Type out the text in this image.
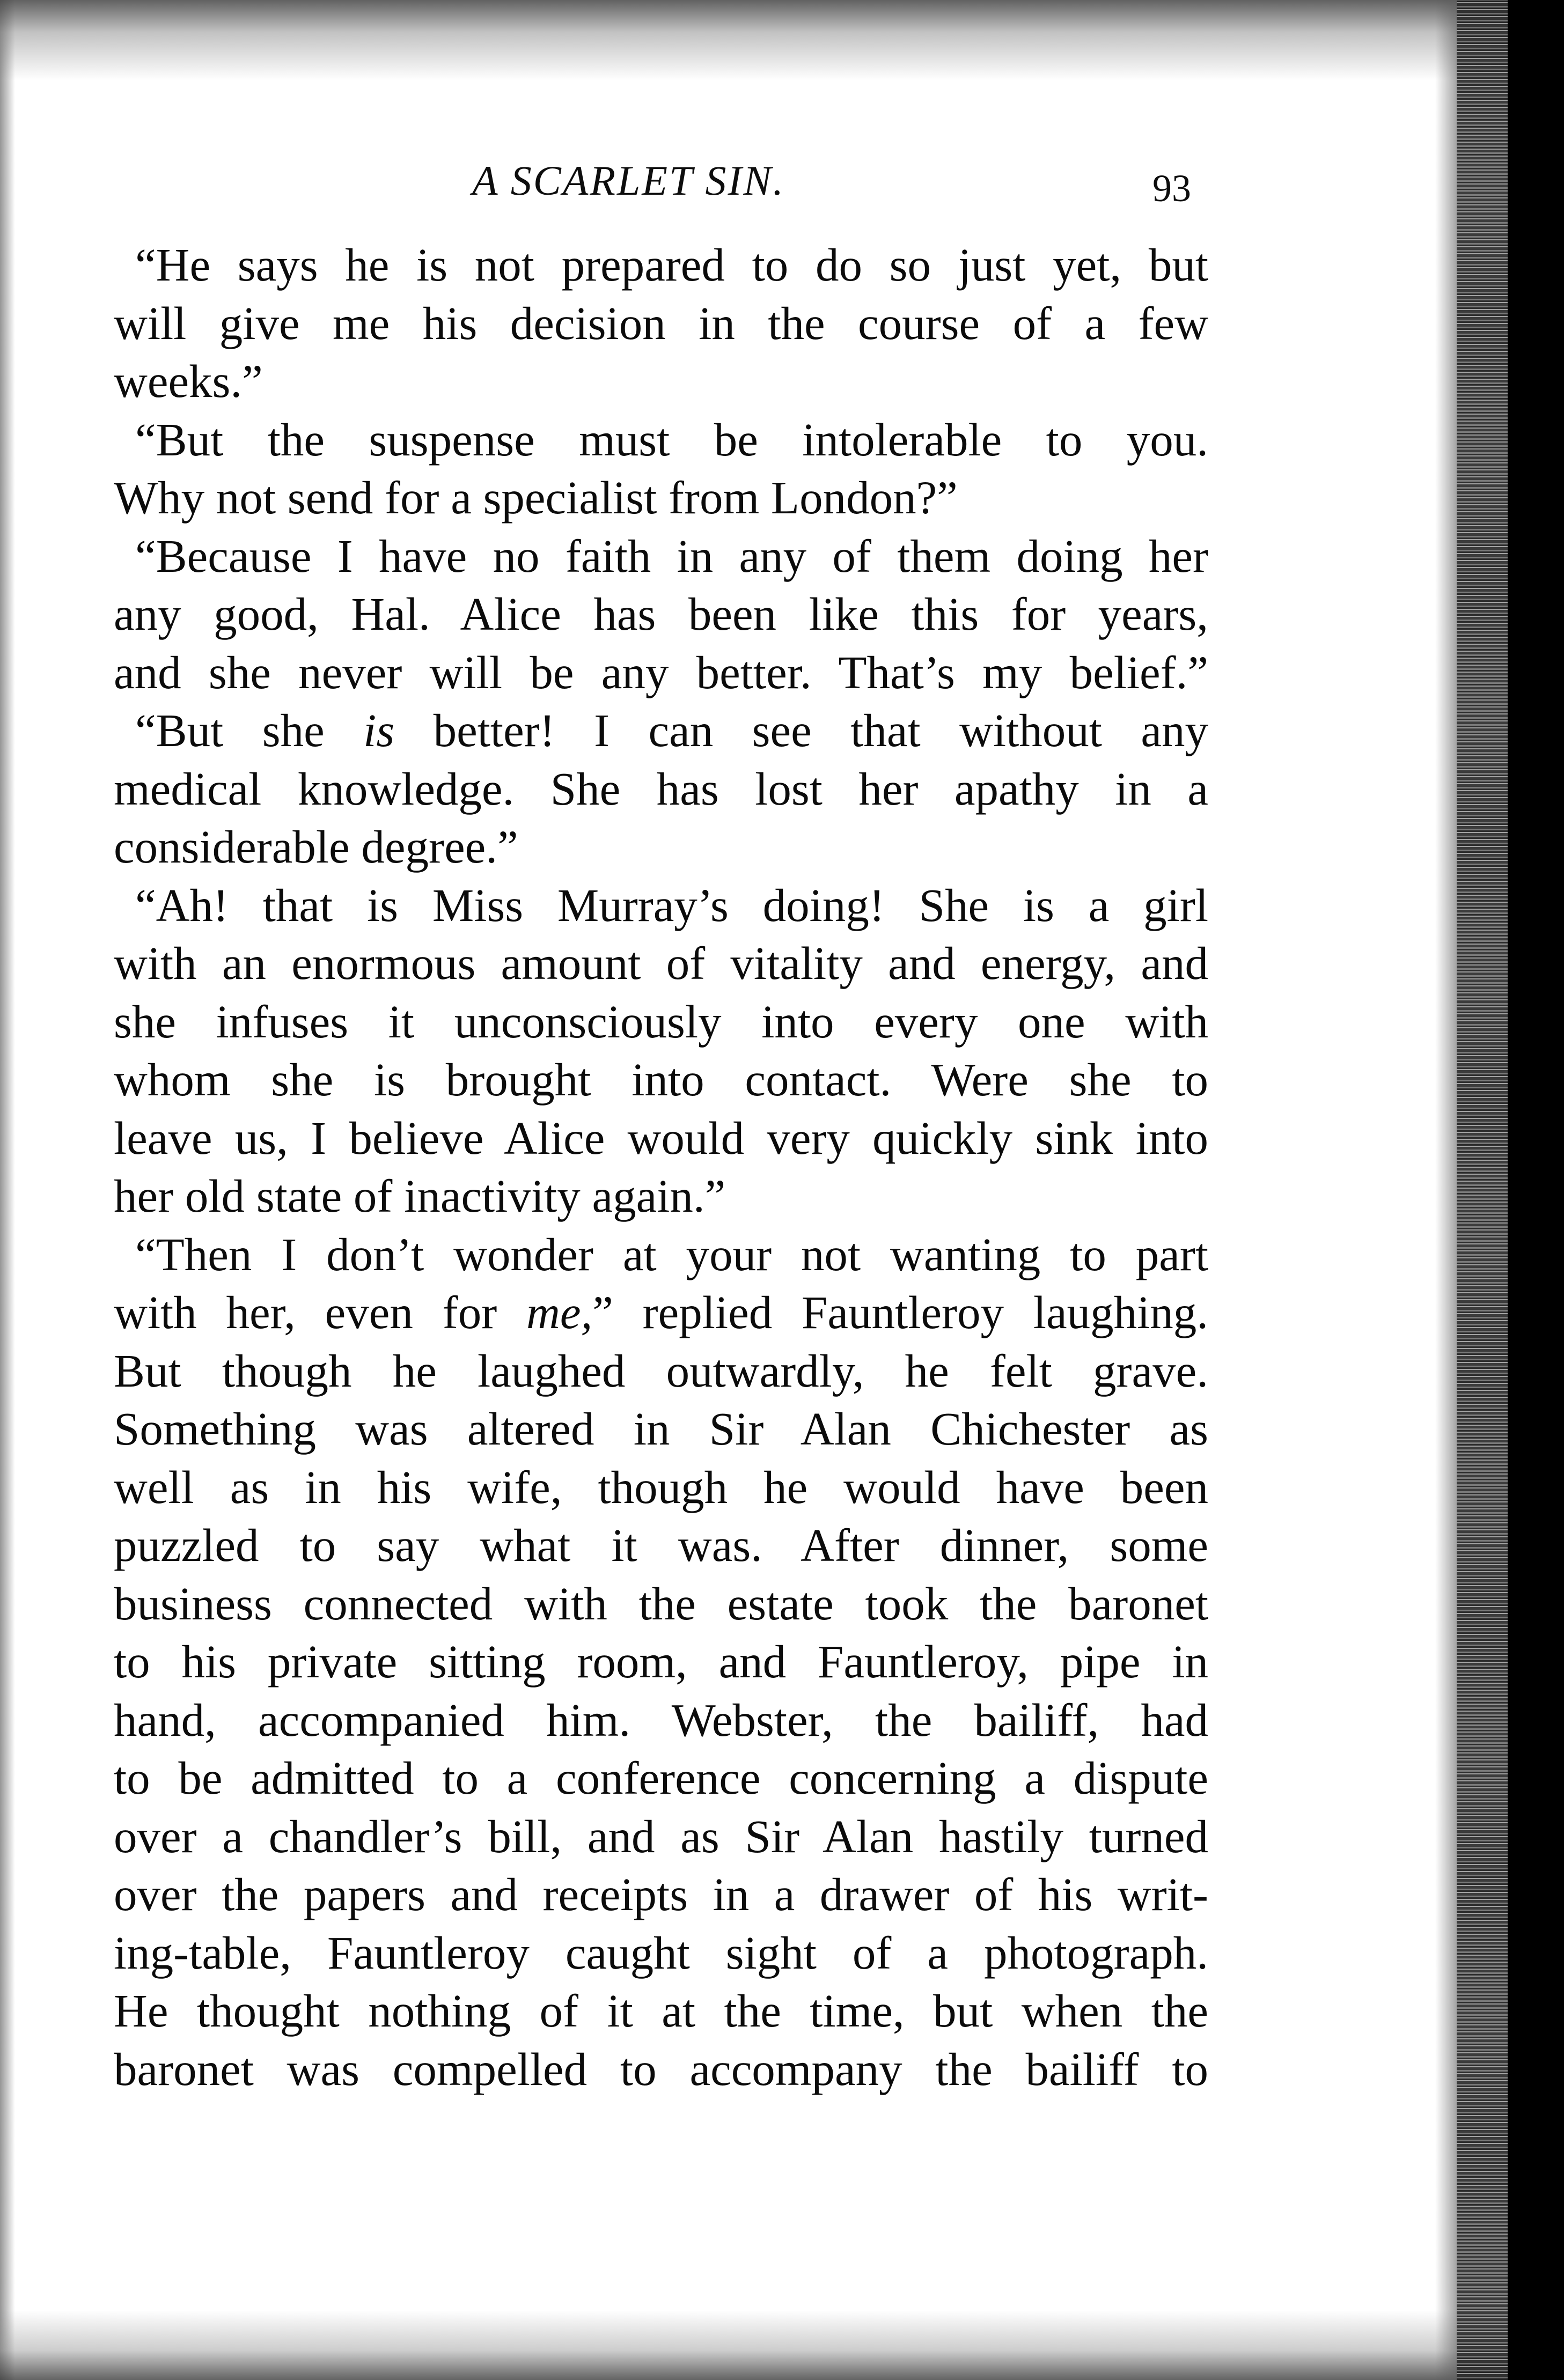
A SCARLET SIN.	93
“He says he is not prepared to do so just yet, but
will give me his decision in the course of a few
weeks.”
“But the suspense must be intolerable to you.
Why not send for a specialist from London?”
“Because I have no faith in any of them doing her
any good, Hal. Alice has been like this for years,
and she never will be any better. That’s my belief.”
“But she is better! I can see that without any
medical knowledge. She has lost her apathy in a
considerable degree.”
“Ah! that is Miss Murray’s doing! She is a girl
with an enormous amount of vitality and energy, and
she infuses it unconsciously into every one with
whom she is brought into contact. Were she to
leave us, I believe Alice would very quickly sink into
her old state of inactivity again.”
“Then I don’t wonder at your not wanting to part
with her, even for me,” replied Fauntleroy laughing.
But though he laughed outwardly, he felt grave.
Something was altered in Sir Alan Chichester as
well as in his wife, though he would have been
puzzled to say what it was. After dinner, some
business connected with the estate took the baronet
to his private sitting room, and Fauntleroy, pipe in
hand, accompanied him. Webster, the bailiff, had
to be admitted to a conference concerning a dispute
over a chandler’s bill, and as Sir Alan hastily turned
over the papers and receipts in a drawer of his writ-
ing-table, Fauntleroy caught sight of a photograph.
He thought nothing of it at the time, but when the
baronet was compelled to accompany the bailiff to
